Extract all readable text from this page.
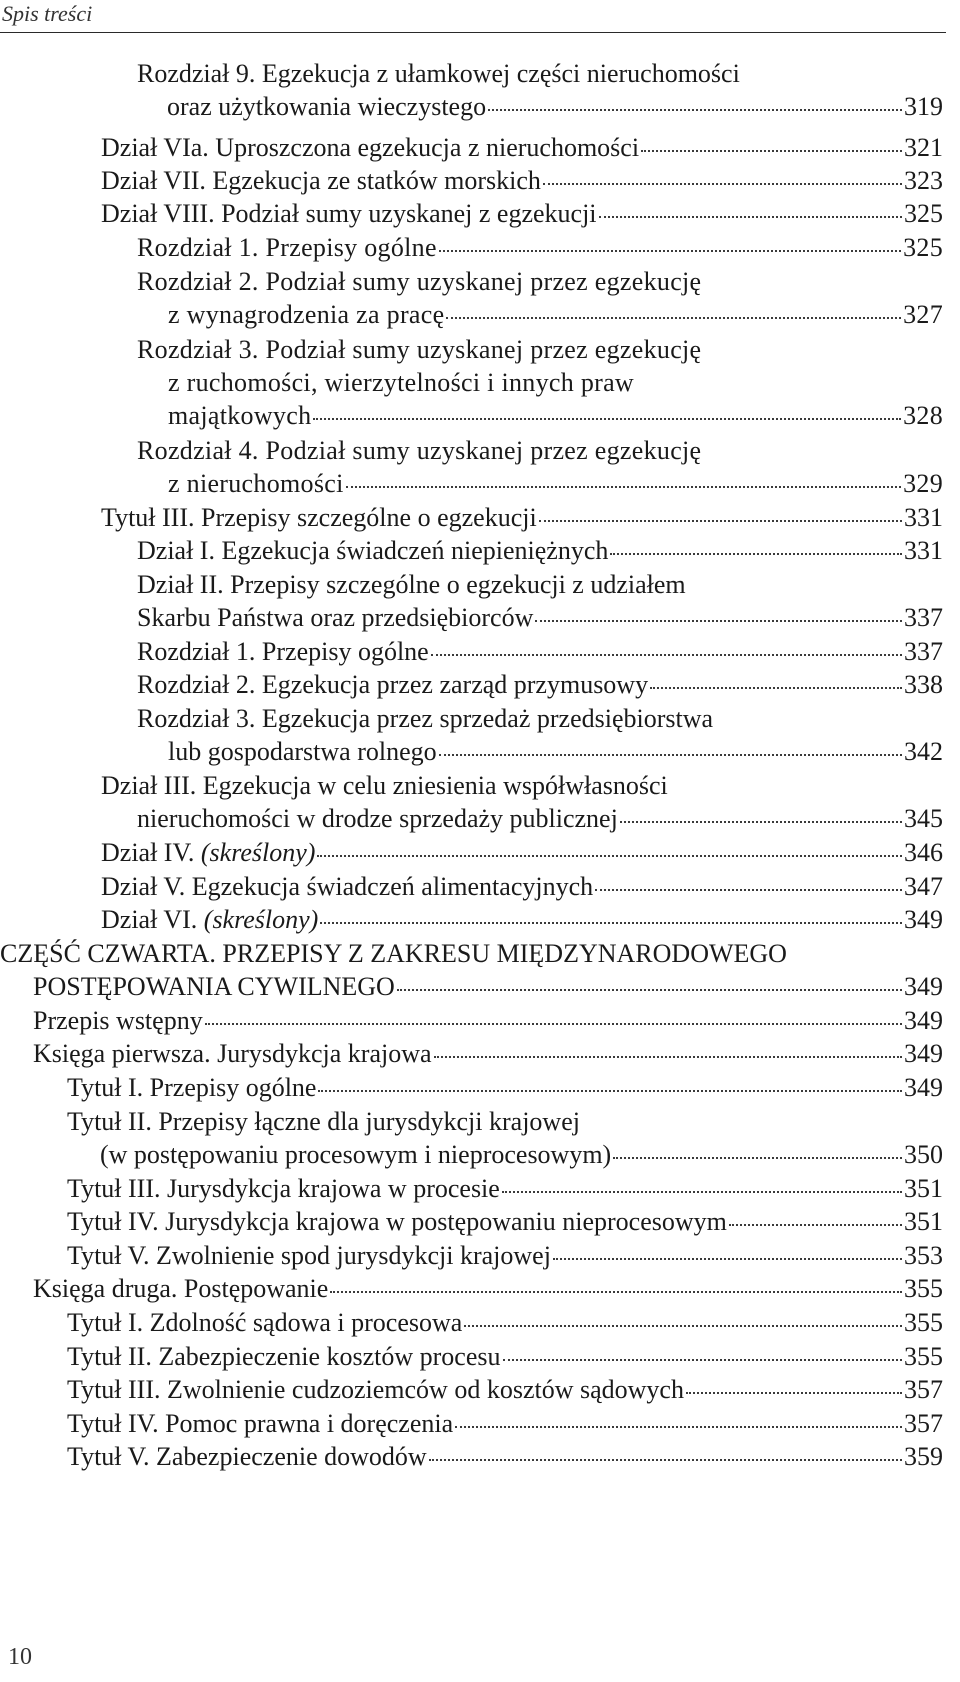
Spis treści
Rozdział 9. Egzekucja z ułamkowej części nieruchomości
oraz użytkowania wieczystego	319
Dział VIa. Uproszczona egzekucja z nieruchomości	321
Dział VII. Egzekucja ze statków morskich	323
Dział VIII. Podział sumy uzyskanej z egzekucji	325
Rozdział 1. Przepisy ogólne	325
Rozdział 2. Podział sumy uzyskanej przez egzekucję
z wynagrodzenia za pracę	327
Rozdział 3. Podział sumy uzyskanej przez egzekucję
z ruchomości, wierzytelności i innych praw
majątkowych	328
Rozdział 4. Podział sumy uzyskanej przez egzekucję
z nieruchomości	329
Tytuł III. Przepisy szczególne o egzekucji	331
Dział I. Egzekucja świadczeń niepieniężnych	331
Dział II. Przepisy szczególne o egzekucji z udziałem
Skarbu Państwa oraz przedsiębiorców	337
Rozdział 1. Przepisy ogólne	337
Rozdział 2. Egzekucja przez zarząd przymusowy	338
Rozdział 3. Egzekucja przez sprzedaż przedsiębiorstwa
lub gospodarstwa rolnego	342
Dział III. Egzekucja w celu zniesienia współwłasności
nieruchomości w drodze sprzedaży publicznej	345
Dział IV. (skreślony)	346
Dział V. Egzekucja świadczeń alimentacyjnych	347
Dział VI. (skreślony)	349
CZĘŚĆ CZWARTA. PRZEPISY Z ZAKRESU MIĘDZYNARODOWEGO
POSTĘPOWANIA CYWILNEGO	349
Przepis wstępny	349
Księga pierwsza. Jurysdykcja krajowa	349
Tytuł I. Przepisy ogólne	349
Tytuł II. Przepisy łączne dla jurysdykcji krajowej
(w postępowaniu procesowym i nieprocesowym)	350
Tytuł III. Jurysdykcja krajowa w procesie	351
Tytuł IV. Jurysdykcja krajowa w postępowaniu nieprocesowym	351
Tytuł V. Zwolnienie spod jurysdykcji krajowej	353
Księga druga. Postępowanie	355
Tytuł I. Zdolność sądowa i procesowa	355
Tytuł II. Zabezpieczenie kosztów procesu	355
Tytuł III. Zwolnienie cudzoziemców od kosztów sądowych	357
Tytuł IV. Pomoc prawna i doręczenia	357
Tytuł V. Zabezpieczenie dowodów	359
10
